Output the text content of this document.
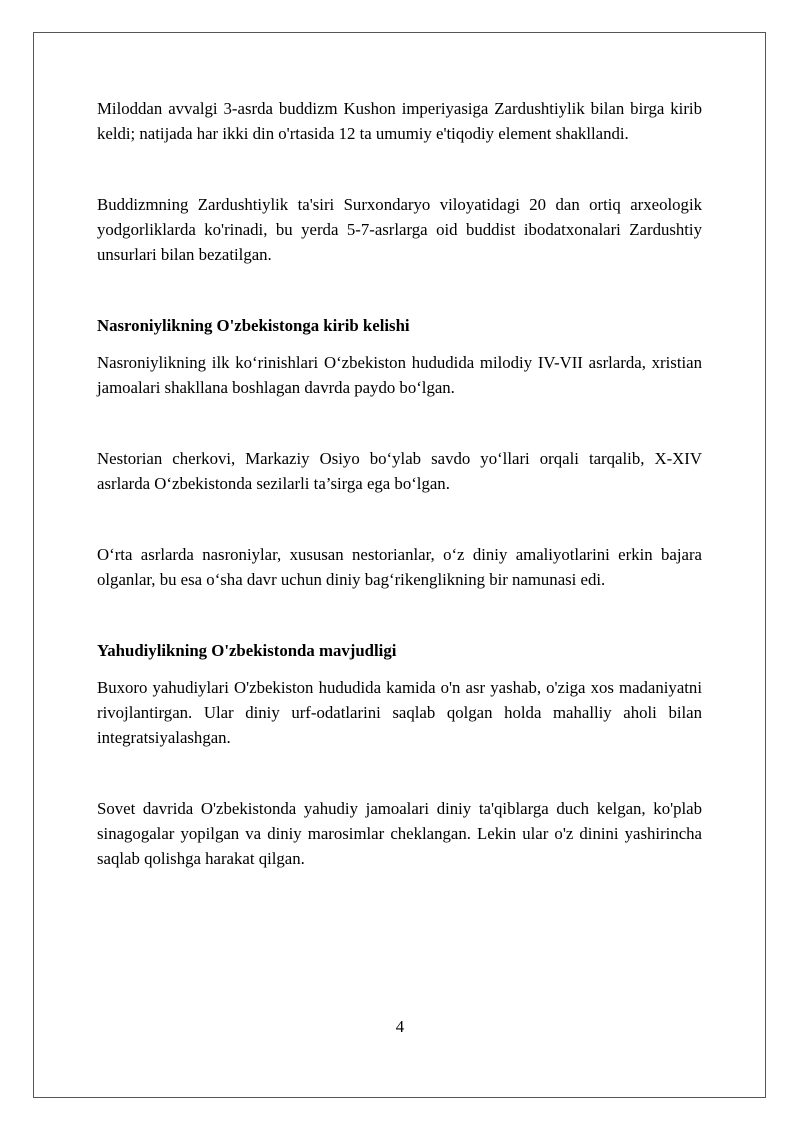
Miloddan avvalgi 3-asrda buddizm Kushon imperiyasiga Zardushtiylik bilan birga kirib keldi; natijada har ikki din o'rtasida 12 ta umumiy e'tiqodiy element shakllandi.

Buddizmning Zardushtiylik ta'siri Surxondaryo viloyatidagi 20 dan ortiq arxeologik yodgorliklarda ko'rinadi, bu yerda 5-7-asrlarga oid buddist ibodatxonalari Zardushtiy unsurlari bilan bezatilgan.

Nasroniylikning O'zbekistonga kirib kelishi

Nasroniylikning ilk ko‘rinishlari O‘zbekiston hududida milodiy IV-VII asrlarda, xristian jamoalari shakllana boshlagan davrda paydo bo‘lgan.

Nestorian cherkovi, Markaziy Osiyo bo‘ylab savdo yo‘llari orqali tarqalib, X-XIV asrlarda O‘zbekistonda sezilarli ta’sirga ega bo‘lgan.

O‘rta asrlarda nasroniylar, xususan nestorianlar, o‘z diniy amaliyotlarini erkin bajara olganlar, bu esa o‘sha davr uchun diniy bag‘rikenglikning bir namunasi edi.

Yahudiylikning O'zbekistonda mavjudligi

Buxoro yahudiylari O'zbekiston hududida kamida o'n asr yashab, o'ziga xos madaniyatni rivojlantirgan. Ular diniy urf-odatlarini saqlab qolgan holda mahalliy aholi bilan integratsiyalashgan.

Sovet davrida O'zbekistonda yahudiy jamoalari diniy ta'qiblarga duch kelgan, ko'plab sinagogalar yopilgan va diniy marosimlar cheklangan. Lekin ular o'z dinini yashirincha saqlab qolishga harakat qilgan.

4
